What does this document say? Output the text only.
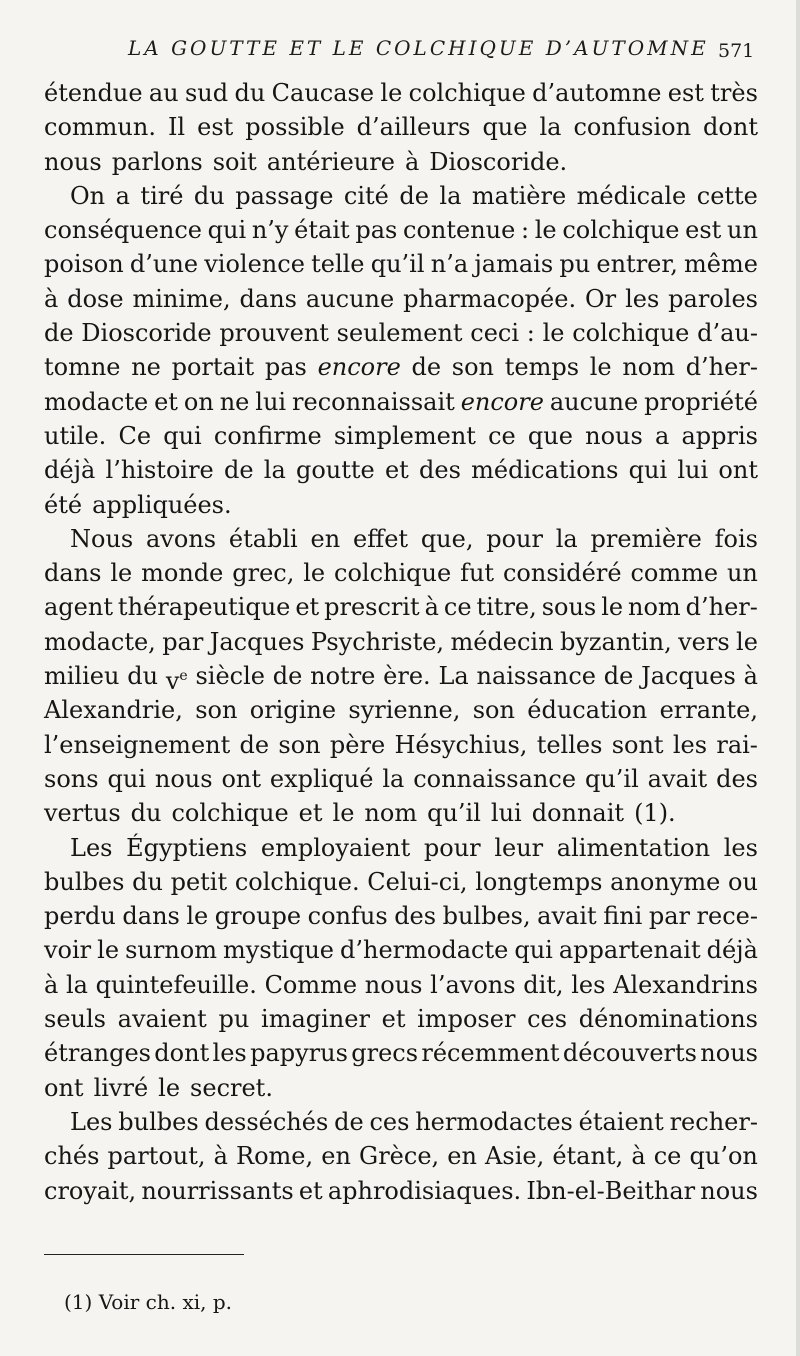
LA GOUTTE ET LE COLCHIQUE D’AUTOMNE 571
étendue au sud du Caucase le colchique d’automne est très
commun. Il est possible d’ailleurs que la confusion dont
nous parlons soit antérieure à Dioscoride.
On a tiré du passage cité de la matière médicale cette
conséquence qui n’y était pas contenue : le colchique est un
poison d’une violence telle qu’il n’a jamais pu entrer, même
à dose minime, dans aucune pharmacopée. Or les paroles
de Dioscoride prouvent seulement ceci : le colchique d’au-
tomne ne portait pas encore de son temps le nom d’her-
modacte et on ne lui reconnaissait encore aucune propriété
utile. Ce qui confirme simplement ce que nous a appris
déjà l’histoire de la goutte et des médications qui lui ont
été appliquées.
Nous avons établi en effet que, pour la première fois
dans le monde grec, le colchique fut considéré comme un
agent thérapeutique et prescrit à ce titre, sous le nom d’her-
modacte, par Jacques Psychriste, médecin byzantin, vers le
milieu du $v^e$ siècle de notre ère. La naissance de Jacques à
Alexandrie, son origine syrienne, son éducation errante,
l’enseignement de son père Hésychius, telles sont les rai-
sons qui nous ont expliqué la connaissance qu’il avait des
vertus du colchique et le nom qu’il lui donnait (1).
Les Égyptiens employaient pour leur alimentation les
bulbes du petit colchique. Celui-ci, longtemps anonyme ou
perdu dans le groupe confus des bulbes, avait fini par rece-
voir le surnom mystique d’hermodacte qui appartenait déjà
à la quintefeuille. Comme nous l’avons dit, les Alexandrins
seuls avaient pu imaginer et imposer ces dénominations
étranges dont les papyrus grecs récemment découverts nous
ont livré le secret.
Les bulbes desséchés de ces hermodactes étaient recher-
chés partout, à Rome, en Grèce, en Asie, étant, à ce qu’on
croyait, nourrissants et aphrodisiaques. Ibn-el-Beithar nous
(1) Voir ch. xi, p.
